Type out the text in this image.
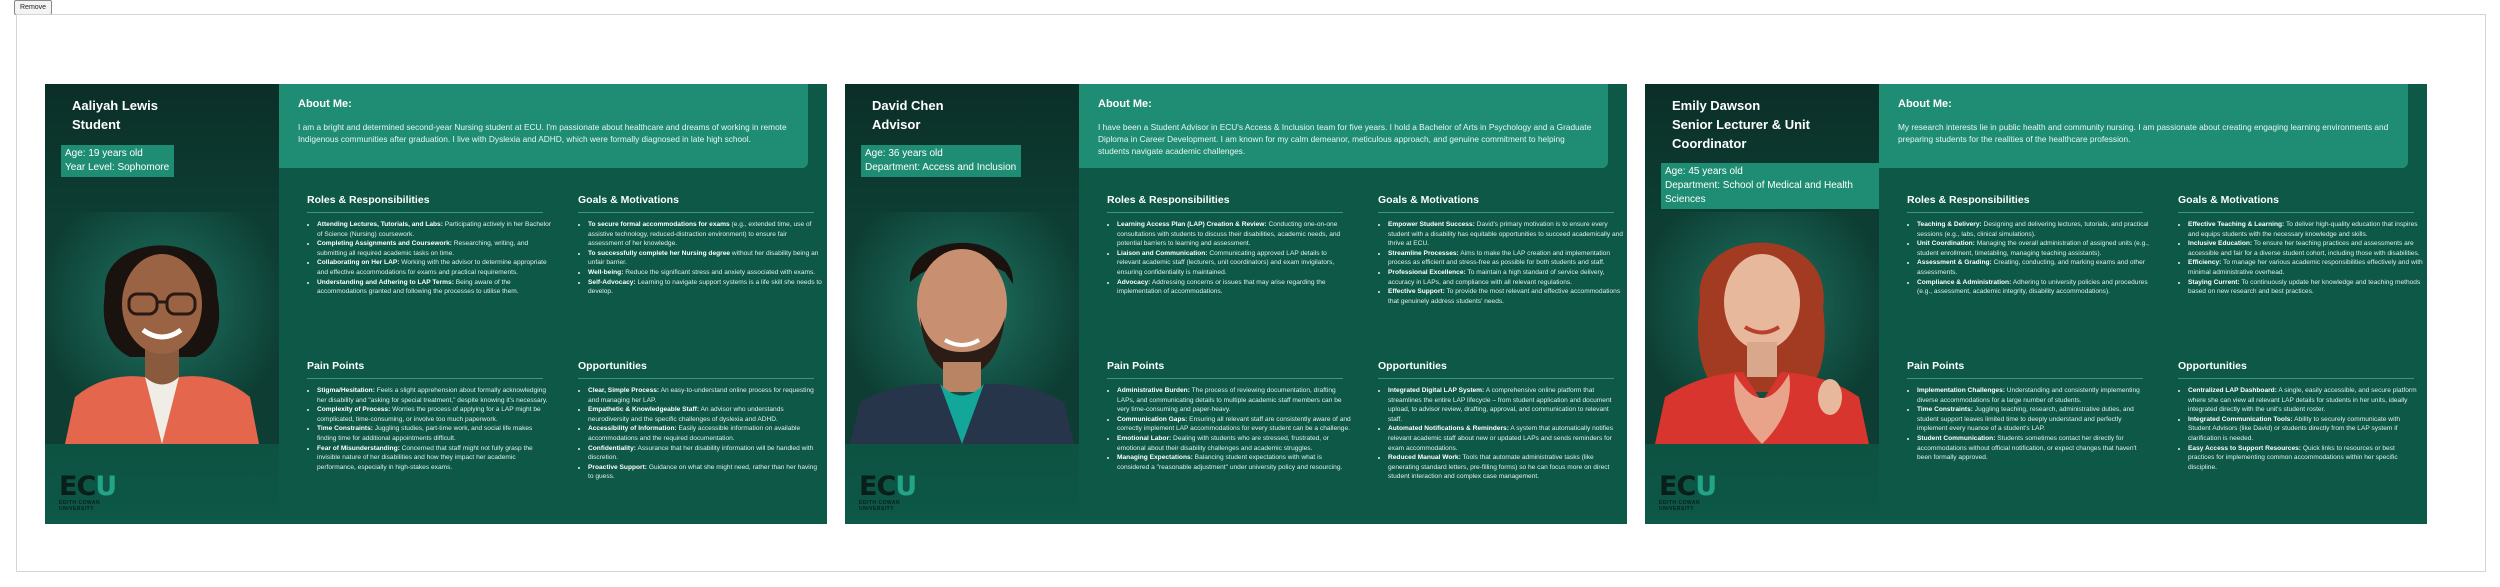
Remove
Aaliyah Lewis
Student
Age: 19 years old
Year Level: Sophomore
ECU
EDITH COWAN
UNIVERSITY
About Me:

I am a bright and determined second-year Nursing student at ECU. I'm passionate about healthcare and dreams of working in remote Indigenous communities after graduation. I live with Dyslexia and ADHD, which were formally diagnosed in late high school.

Roles & Responsibilities
• Attending Lectures, Tutorials, and Labs: Participating actively in her Bachelor of Science (Nursing) coursework.
• Completing Assignments and Coursework: Researching, writing, and submitting all required academic tasks on time.
• Collaborating on Her LAP: Working with the advisor to determine appropriate and effective accommodations for exams and practical requirements.
• Understanding and Adhering to LAP Terms: Being aware of the accommodations granted and following the processes to utilise them.
Goals & Motivations
• To secure formal accommodations for exams (e.g., extended time, use of assistive technology, reduced-distraction environment) to ensure fair assessment of her knowledge.
• To successfully complete her Nursing degree without her disability being an unfair barrier.
• Well-being: Reduce the significant stress and anxiety associated with exams.
• Self-Advocacy: Learning to navigate support systems is a life skill she needs to develop.
Pain Points
• Stigma/Hesitation: Feels a slight apprehension about formally acknowledging her disability and "asking for special treatment," despite knowing it's necessary.
• Complexity of Process: Worries the process of applying for a LAP might be complicated, time-consuming, or involve too much paperwork.
• Time Constraints: Juggling studies, part-time work, and social life makes finding time for additional appointments difficult.
• Fear of Misunderstanding: Concerned that staff might not fully grasp the invisible nature of her disabilities and how they impact her academic performance, especially in high-stakes exams.
Opportunities
• Clear, Simple Process: An easy-to-understand online process for requesting and managing her LAP.
• Empathetic & Knowledgeable Staff: An advisor who understands neurodiversity and the specific challenges of dyslexia and ADHD.
• Accessibility of Information: Easily accessible information on available accommodations and the required documentation.
• Confidentiality: Assurance that her disability information will be handled with discretion.
• Proactive Support: Guidance on what she might need, rather than her having to guess.
David Chen
Advisor
Age: 36 years old
Department: Access and Inclusion
ECU
EDITH COWAN
UNIVERSITY
About Me:

I have been a Student Advisor in ECU's Access & Inclusion team for five years. I hold a Bachelor of Arts in Psychology and a Graduate Diploma in Career Development. I am known for my calm demeanor, meticulous approach, and genuine commitment to helping students navigate academic challenges.

Roles & Responsibilities
• Learning Access Plan (LAP) Creation & Review: Conducting one-on-one consultations with students to discuss their disabilities, academic needs, and potential barriers to learning and assessment.
• Liaison and Communication: Communicating approved LAP details to relevant academic staff (lecturers, unit coordinators) and exam invigilators, ensuring confidentiality is maintained.
• Advocacy: Addressing concerns or issues that may arise regarding the implementation of accommodations.
Goals & Motivations
• Empower Student Success: David's primary motivation is to ensure every student with a disability has equitable opportunities to succeed academically and thrive at ECU.
• Streamline Processes: Aims to make the LAP creation and implementation process as efficient and stress-free as possible for both students and staff.
• Professional Excellence: To maintain a high standard of service delivery, accuracy in LAPs, and compliance with all relevant regulations.
• Effective Support: To provide the most relevant and effective accommodations that genuinely address students' needs.
Pain Points
• Administrative Burden: The process of reviewing documentation, drafting LAPs, and communicating details to multiple academic staff members can be very time-consuming and paper-heavy.
• Communication Gaps: Ensuring all relevant staff are consistently aware of and correctly implement LAP accommodations for every student can be a challenge.
• Emotional Labor: Dealing with students who are stressed, frustrated, or emotional about their disability challenges and academic struggles.
• Managing Expectations: Balancing student expectations with what is considered a "reasonable adjustment" under university policy and resourcing.
Opportunities
• Integrated Digital LAP System: A comprehensive online platform that streamlines the entire LAP lifecycle – from student application and document upload, to advisor review, drafting, approval, and communication to relevant staff.
• Automated Notifications & Reminders: A system that automatically notifies relevant academic staff about new or updated LAPs and sends reminders for exam accommodations.
• Reduced Manual Work: Tools that automate administrative tasks (like generating standard letters, pre-filling forms) so he can focus more on direct student interaction and complex case management.
Emily Dawson
Senior Lecturer & Unit Coordinator
Age: 45 years old
Department: School of Medical and Health Sciences
ECU
EDITH COWAN
UNIVERSITY
About Me:

My research interests lie in public health and community nursing. I am passionate about creating engaging learning environments and preparing students for the realities of the healthcare profession.

Roles & Responsibilities
• Teaching & Delivery: Designing and delivering lectures, tutorials, and practical sessions (e.g., labs, clinical simulations).
• Unit Coordination: Managing the overall administration of assigned units (e.g., student enrollment, timetabling, managing teaching assistants).
• Assessment & Grading: Creating, conducting, and marking exams and other assessments.
• Compliance & Administration: Adhering to university policies and procedures (e.g., assessment, academic integrity, disability accommodations).
Goals & Motivations
• Effective Teaching & Learning: To deliver high-quality education that inspires and equips students with the necessary knowledge and skills.
• Inclusive Education: To ensure her teaching practices and assessments are accessible and fair for a diverse student cohort, including those with disabilities.
• Efficiency: To manage her various academic responsibilities effectively and with minimal administrative overhead.
• Staying Current: To continuously update her knowledge and teaching methods based on new research and best practices.
Pain Points
• Implementation Challenges: Understanding and consistently implementing diverse accommodations for a large number of students.
• Time Constraints: Juggling teaching, research, administrative duties, and student support leaves limited time to deeply understand and perfectly implement every nuance of a student's LAP.
• Student Communication: Students sometimes contact her directly for accommodations without official notification, or expect changes that haven't been formally approved.
Opportunities
• Centralized LAP Dashboard: A single, easily accessible, and secure platform where she can view all relevant LAP details for students in her units, ideally integrated directly with the unit's student roster.
• Integrated Communication Tools: Ability to securely communicate with Student Advisors (like David) or students directly from the LAP system if clarification is needed.
• Easy Access to Support Resources: Quick links to resources or best practices for implementing common accommodations within her specific discipline.
